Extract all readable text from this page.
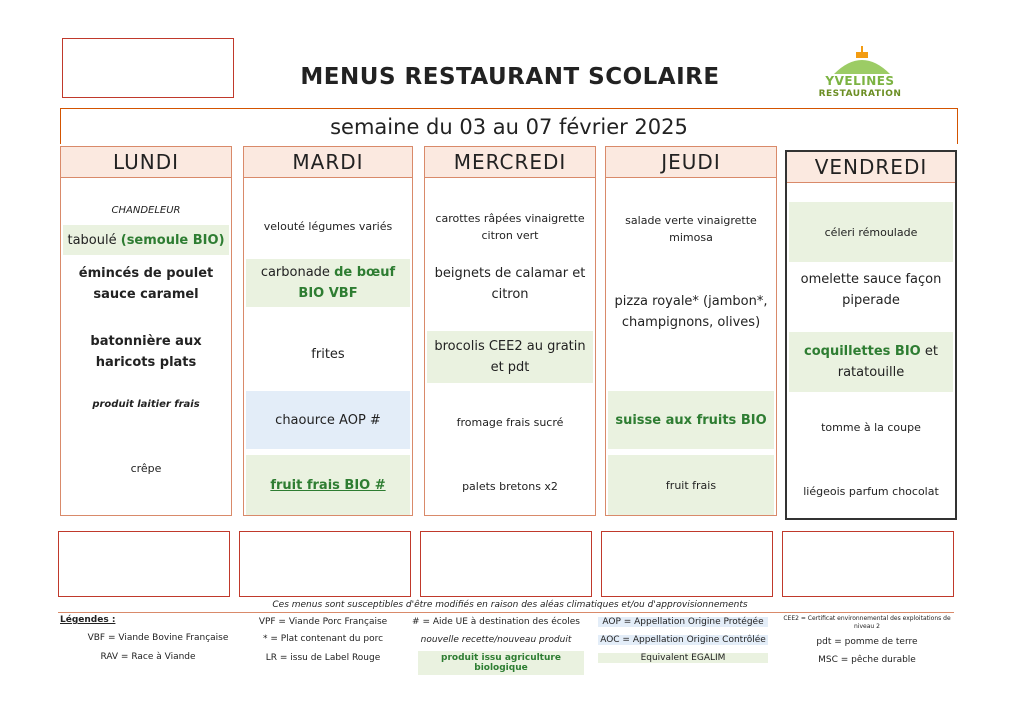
MENUS RESTAURANT SCOLAIRE	YVELINES
RESTAURATION
semaine du 03 au 07 février 2025
LUNDI
CHANDELEUR
taboulé
(semoule BIO)
émincés de poulet sauce caramel
batonnière aux haricots plats
produit laitier frais
crêpe
MARDI
velouté légumes variés
carbonade de bœuf BIO VBF
frites
chaource AOP #
fruit frais BIO #
MERCREDI
carottes râpées vinaigrette citron vert
beignets de calamar et citron
brocolis CEE2 au gratin et pdt
fromage frais sucré
palets bretons x2
JEUDI
salade verte vinaigrette mimosa
pizza royale* (jambon*, champignons, olives)
suisse aux fruits BIO
fruit frais
VENDREDI
céleri rémoulade
omelette sauce façon piperade
coquillettes BIO et ratatouille
tomme à la coupe
liégeois parfum chocolat
Ces menus sont susceptibles d'être modifiés en raison des aléas climatiques et/ou d'approvisionnements
Légendes :
VBF = Viande Bovine Française
RAV = Race à Viande
VPF = Viande Porc Française
* = Plat contenant du porc
LR = issu de Label Rouge
# = Aide UE à destination des écoles
nouvelle recette/nouveau produit
produit issu agriculture biologique
AOP = Appellation Origine Protégée
AOC = Appellation Origine Contrôlée
Equivalent EGALIM
CEE2 = Certificat environnemental des exploitations de niveau 2
pdt = pomme de terre
MSC = pêche durable
